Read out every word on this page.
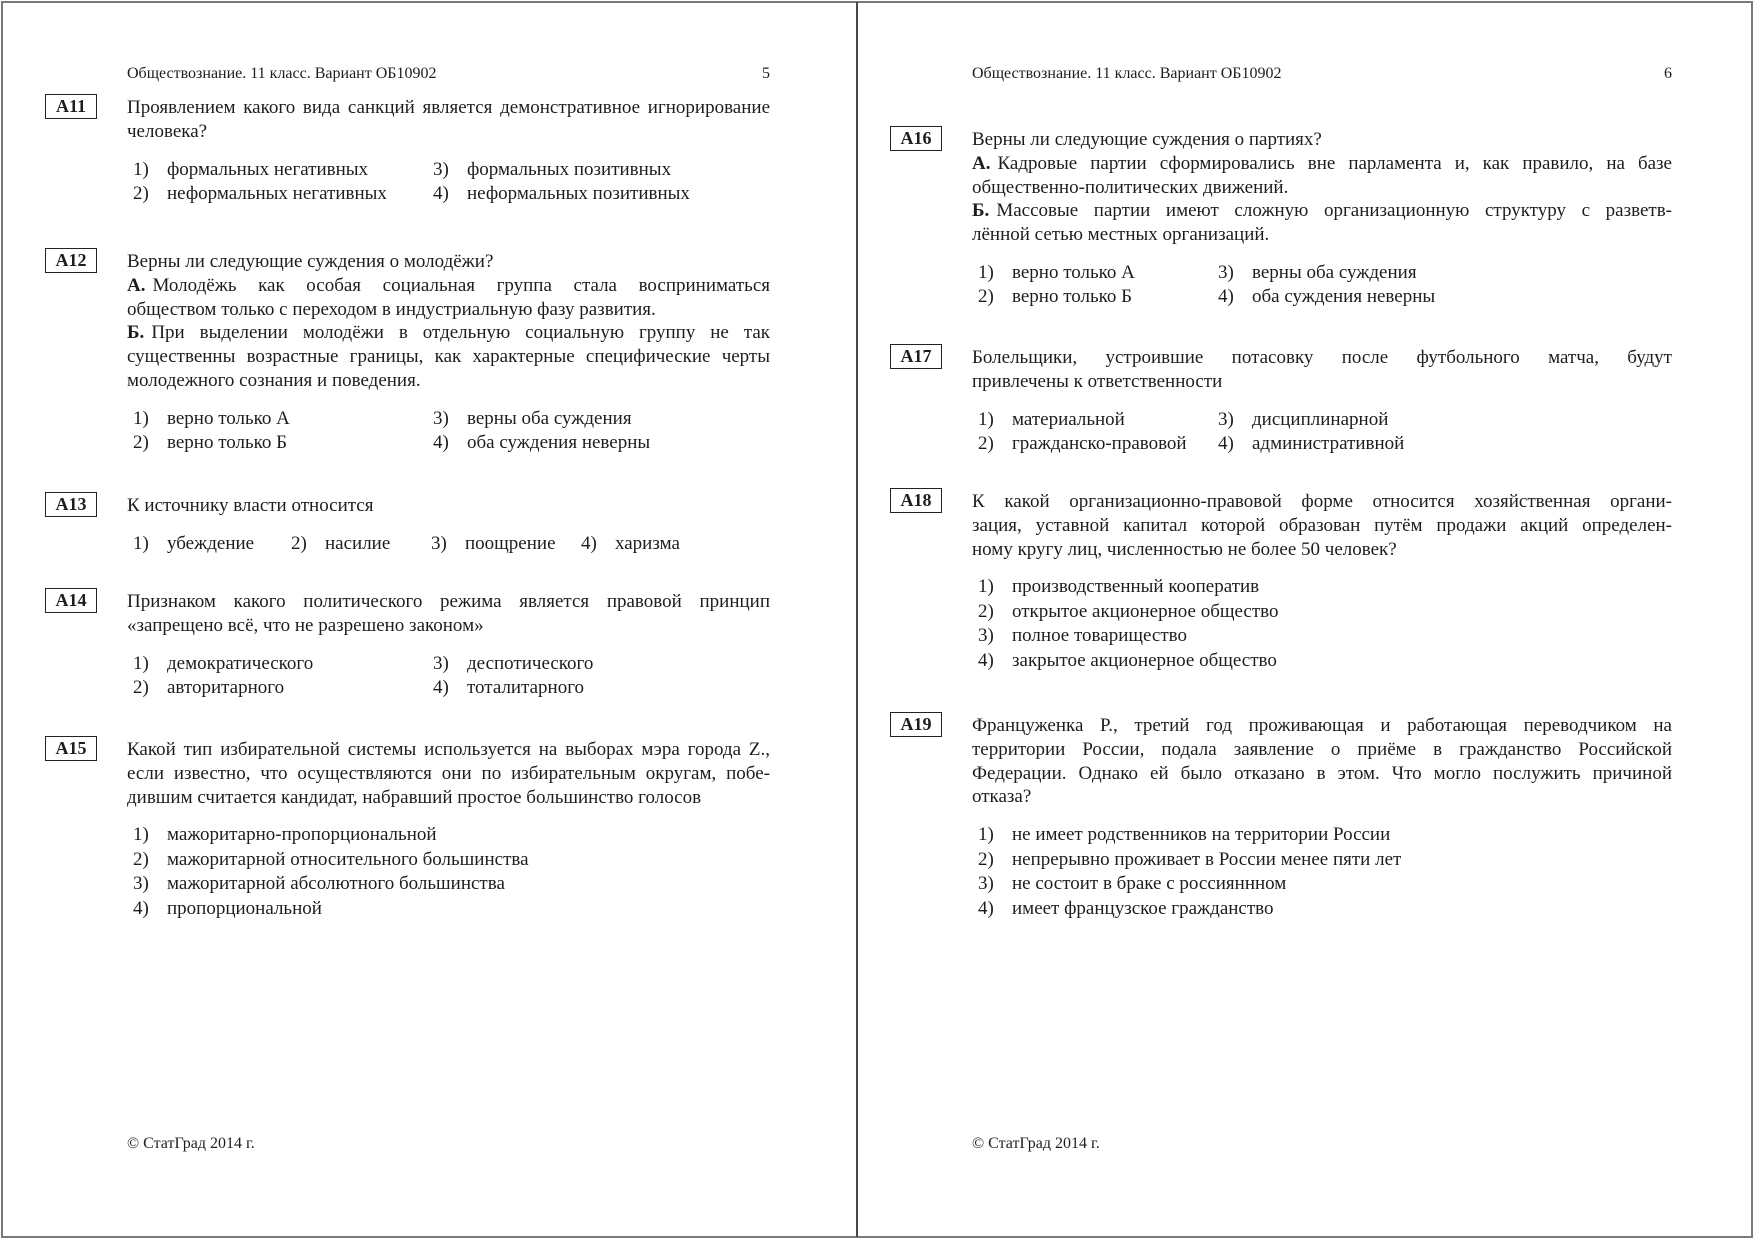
Обществознание. 11 класс. Вариант ОБ10902	5
А11 Проявлением какого вида санкций является демонстративное игнорирование
человека?
1) формальных негативных	3) формальных позитивных
2) неформальных негативных	4) неформальных позитивных
А12 Верны ли следующие суждения о молодёжи?
А. Молодёжь как особая социальная группа стала восприниматься
обществом только с переходом в индустриальную фазу развития.
Б. При выделении молодёжи в отдельную социальную группу не так
существенны возрастные границы, как характерные специфические черты
молодежного сознания и поведения.
1) верно только А	3) верны оба суждения
2) верно только Б	4) оба суждения неверны
А13 К источнику власти относится
1) убеждение 2) насилие 3) поощрение 4) харизма
А14 Признаком какого политического режима является правовой принцип
«запрещено всё, что не разрешено законом»
1) демократического	3) деспотического
2) авторитарного	4) тоталитарного
А15 Какой тип избирательной системы используется на выборах мэра города Z.,
если известно, что осуществляются они по избирательным округам, побе-
дившим считается кандидат, набравший простое большинство голосов
1) мажоритарно-пропорциональной
2) мажоритарной относительного большинства
3) мажоритарной абсолютного большинства
4) пропорциональной
© СтатГрад 2014 г.
Обществознание. 11 класс. Вариант ОБ10902	6
А16 Верны ли следующие суждения о партиях?
А. Кадровые партии сформировались вне парламента и, как правило, на базе
общественно-политических движений.
Б. Массовые партии имеют сложную организационную структуру с разветв-
лённой сетью местных организаций.
1) верно только А	3) верны оба суждения
2) верно только Б	4) оба суждения неверны
А17 Болельщики, устроившие потасовку после футбольного матча, будут
привлечены к ответственности
1) материальной	3) дисциплинарной
2) гражданско-правовой	4) административной
А18 К какой организационно-правовой форме относится хозяйственная органи-
зация, уставной капитал которой образован путём продажи акций определен-
ному кругу лиц, численностью не более 50 человек?
1) производственный кооператив
2) открытое акционерное общество
3) полное товарищество
4) закрытое акционерное общество
А19 Француженка Р., третий год проживающая и работающая переводчиком на
территории России, подала заявление о приёме в гражданство Российской
Федерации. Однако ей было отказано в этом. Что могло послужить причиной
отказа?
1) не имеет родственников на территории России
2) непрерывно проживает в России менее пяти лет
3) не состоит в браке с россияннном
4) имеет французское гражданство
© СтатГрад 2014 г.
